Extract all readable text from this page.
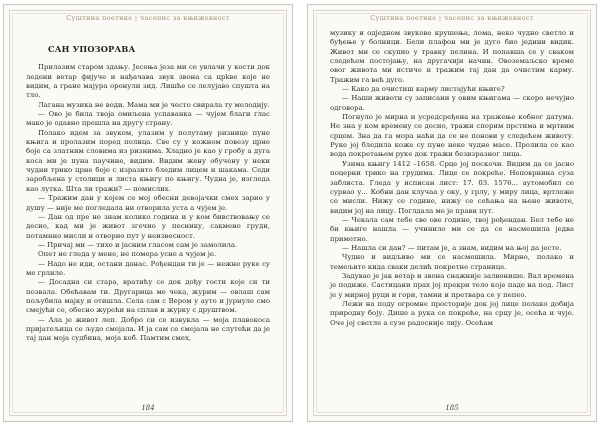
Суштина поетике | часопис за књижевност
САН УПОЗОРАВА

Прилазим старом здању. Јесења језа ми се увлачи у кости док ледени ветар фијуче и нађачава звук звона са црkве које не видим, а гране мајура оронули зид. Лишће се лелујаво спушта на тло.

Лагана музика не води. Мама ми је често свирала ту мелодију.

— Ово је била твоја омиљена успаванка — чујем благи глас мако је одавно прешла на другу страну.

Полако идем за звуком, улазим у полутаму ризнице пуне књига и пролазим поред полица. Све су у кожном повезу црне боје са златним словима из ризнима. Хладно је као у гробу а дуга коса ми је пуна паучине, видим. Видим жену обучену у неки чудни трико црне боје с изразито бледим лицем и шакама. Седи заробљена у столици и листа књигу по књигу. Чудна је, изгледа као лутка. Шта ли тражи? — помислих.

— Тражим дан у којем се мој обесни девојачки смех зарио у душу — није ме погледала ни отворила уста а чујем је.

— Дан од пре не знам колико година и у ком бивствовању се десио, кад ми је живот згечио у песнику, сакмено груди, потамнио мисли и отворио пут у неизвесност.

— Причај ми — тихо и јасним гласом сам је замолила.

Опет не гледа у мене, не помера усне а чујем је.

— Надо не иди, остани данас. Рођендан ти је — нежне руке су ме грлиле.

— Досадна си стара, вратићу се док дођу гости које си ти позвала. Обећавам ти. Другарица ме чека, журим — овлаш сам пољубила мајку и отишла. Села сам с Вером у ауто и јурнуле смо смејући се, обесно журећи на сплав и журку с друштвом.

— Ала је живот леп. Добро си се извукла — моја плавокоса пријатељица се људо смејала. И ја сам се смејала не слутећи да је тај дан моја судбина, моја коб. Памтим смех,

184
Суштина поетике | часопис за књижевност

музику и одједном звукове крушења, лома, неко чудно светло и буђење у болници. Бели плафон ми је дуго био једини видик. Живот ми се скупио у травку пелина. И попавша се у сваком следећем постојању, на другачији начин. Овоземаљско време овог живота ми истиче и тражим тај дан да очистим карму. Тражим га већ дуго.

— Како да очистиш карму листајући књиге?

— Наши животи су записани у овим књигама — скоро нечујно одговора.

Погнуло је мирна и усредсређена на тражење кобног датума. Не зна у ком времену се десио, тражи спорим прстима и мртвим срцем. Зна да га мора наћи да се не понови у следећем животу. Руке јој бледила коже су пуне неке чудне масе. Пролила се као вода покретањем руке док тражи безизразног лица.

Узима књигу 1412 –1658. Срце јој поскочи. Видим да се јасно поцерни трико на грудима. Лице се покреће. Неповрнина суза заблиста. Гледа у исписан лист: 17. 03. 1576... аутомобил се сурвао у... Кобни дан клучаа у оку, у грлу, у миру лица, вртложе се мисли. Нижу се године, нижу се сећања на њене животе, видим јој на лицу. Поглдала ме је прави пут.

— Чекала сам тебе све ове године, твој рођендан. Бел тебе не би књиге нашла — учинило ми се да се насмешила једва приметно.

— Нашла си дан? — питам је, а знам, видим на њој да јесте.

Чудно и видљиво ми се насмешила. Мирно, полако и темељито кида сваки делић покретне странице.

Задувао је јак ветар и звона снажније залвонише. Вал времена је подиже. Састицани прах јој прекри тело које паде на под. Лист је у мирној руци и гори, тамни и претвара се у пепео.

Лежи на поду огромне просторије док јој лице полако добија природну боју. Дише а рука се покреће, на срцу је, осећа и чује. Оче јој светле а сузе радосније лију. Осећам

185
